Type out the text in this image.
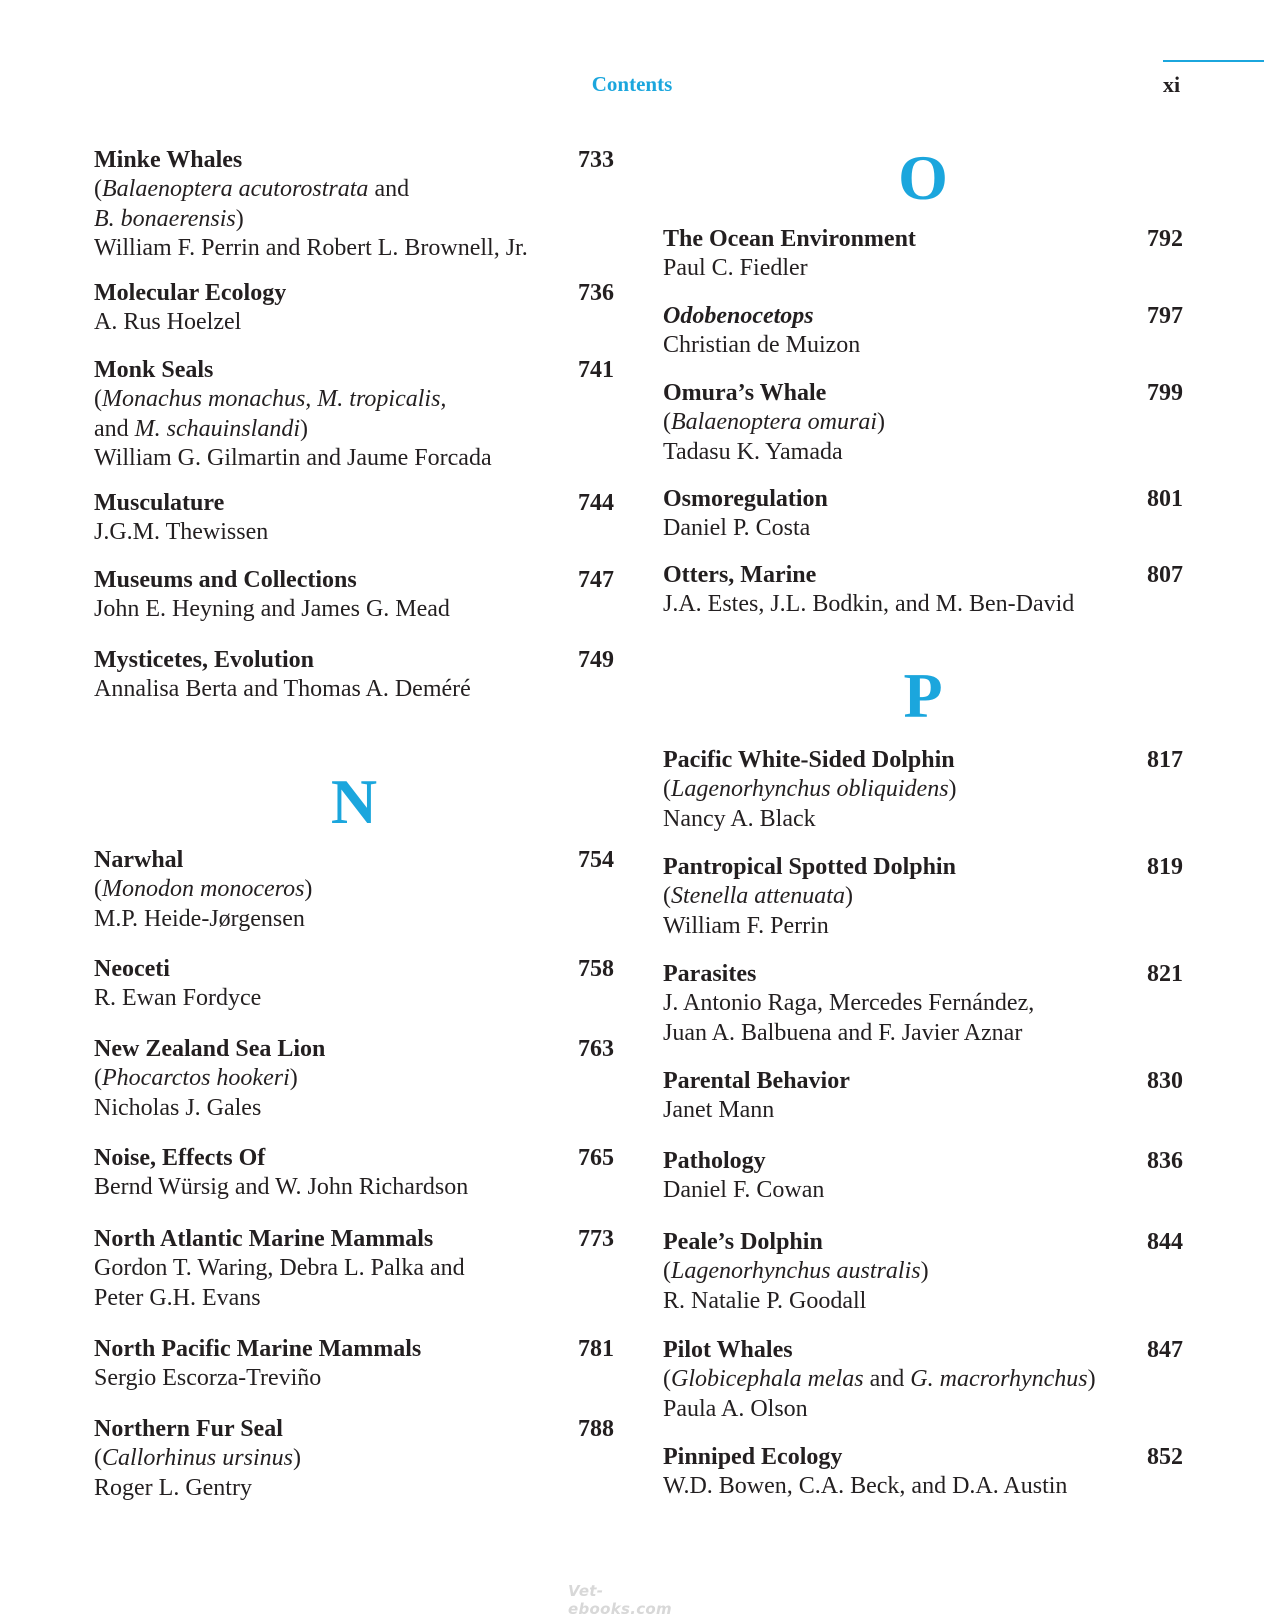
Contents	xi
Minke Whales	733
(Balaenoptera acutorostrata and
B. bonaerensis)
William F. Perrin and Robert L. Brownell, Jr.
Molecular Ecology	736
A. Rus Hoelzel
Monk Seals	741
(Monachus monachus, M. tropicalis,
and M. schauinslandi)
William G. Gilmartin and Jaume Forcada
Musculature	744
J.G.M. Thewissen
Museums and Collections	747
John E. Heyning and James G. Mead
Mysticetes, Evolution	749
Annalisa Berta and Thomas A. Deméré
N
Narwhal	754
(Monodon monoceros)
M.P. Heide-Jørgensen
Neoceti	758
R. Ewan Fordyce
New Zealand Sea Lion	763
(Phocarctos hookeri)
Nicholas J. Gales
Noise, Effects Of	765
Bernd Würsig and W. John Richardson
North Atlantic Marine Mammals	773
Gordon T. Waring, Debra L. Palka and
Peter G.H. Evans
North Pacific Marine Mammals	781
Sergio Escorza-Treviño
Northern Fur Seal	788
(Callorhinus ursinus)
Roger L. Gentry
O
The Ocean Environment	792
Paul C. Fiedler
Odobenocetops	797
Christian de Muizon
Omura’s Whale	799
(Balaenoptera omurai)
Tadasu K. Yamada
Osmoregulation	801
Daniel P. Costa
Otters, Marine	807
J.A. Estes, J.L. Bodkin, and M. Ben-David
P
Pacific White-Sided Dolphin	817
(Lagenorhynchus obliquidens)
Nancy A. Black
Pantropical Spotted Dolphin	819
(Stenella attenuata)
William F. Perrin
Parasites	821
J. Antonio Raga, Mercedes Fernández,
Juan A. Balbuena and F. Javier Aznar
Parental Behavior	830
Janet Mann
Pathology	836
Daniel F. Cowan
Peale’s Dolphin	844
(Lagenorhynchus australis)
R. Natalie P. Goodall
Pilot Whales	847
(Globicephala melas and G. macrorhynchus)
Paula A. Olson
Pinniped Ecology	852
W.D. Bowen, C.A. Beck, and D.A. Austin
Vet-ebooks.com
